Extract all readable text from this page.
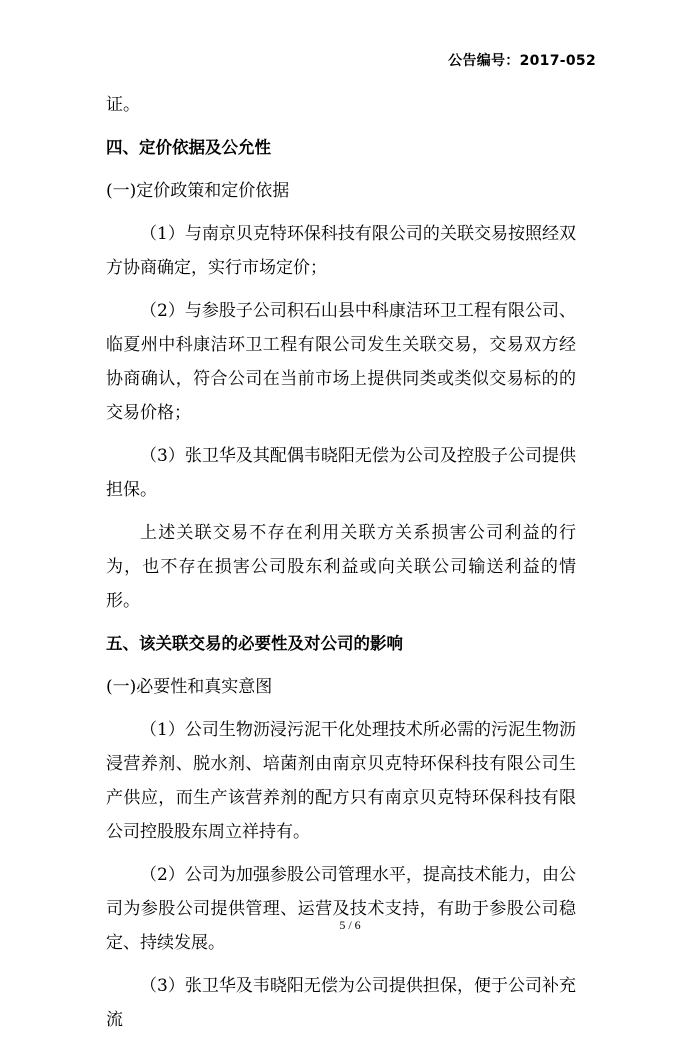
公告编号：2017-052

证。

四、定价依据及公允性

(一)定价政策和定价依据

（1）与南京贝克特环保科技有限公司的关联交易按照经双方协商确定，实行市场定价；

（2）与参股子公司积石山县中科康洁环卫工程有限公司、临夏州中科康洁环卫工程有限公司发生关联交易，交易双方经协商确认，符合公司在当前市场上提供同类或类似交易标的的交易价格；

（3）张卫华及其配偶韦晓阳无偿为公司及控股子公司提供担保。

上述关联交易不存在利用关联方关系损害公司利益的行为，也不存在损害公司股东利益或向关联公司输送利益的情形。

五、该关联交易的必要性及对公司的影响

(一)必要性和真实意图

（1）公司生物沥浸污泥干化处理技术所必需的污泥生物沥浸营养剂、脱水剂、培菌剂由南京贝克特环保科技有限公司生产供应，而生产该营养剂的配方只有南京贝克特环保科技有限公司控股股东周立祥持有。

（2）公司为加强参股公司管理水平，提高技术能力，由公司为参股公司提供管理、运营及技术支持，有助于参股公司稳定、持续发展。

（3）张卫华及韦晓阳无偿为公司提供担保，便于公司补充流

5 / 6
